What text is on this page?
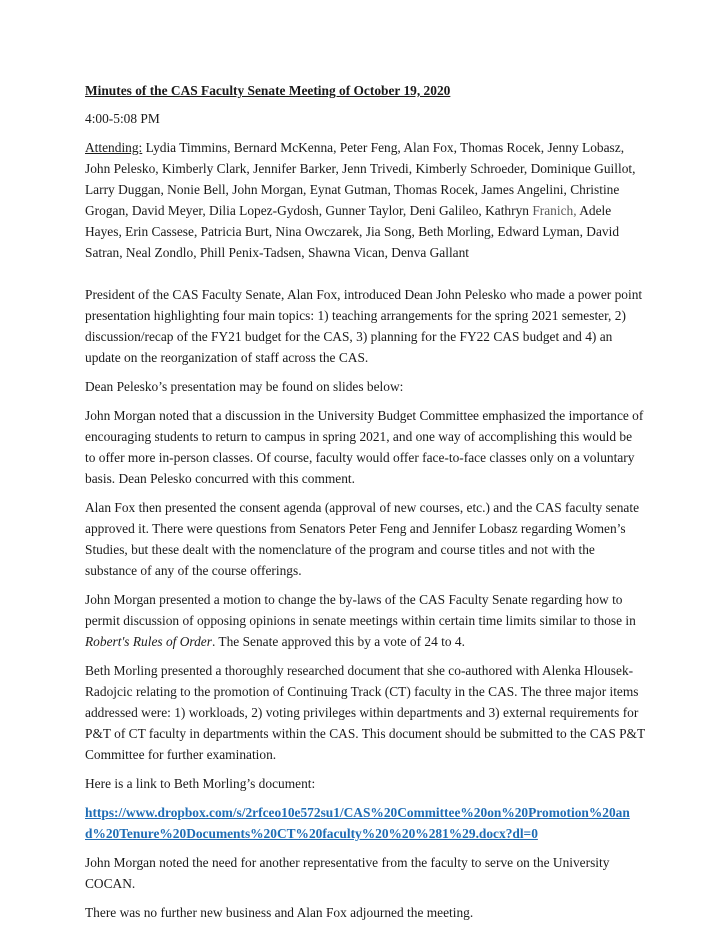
Minutes of the CAS Faculty Senate Meeting of October 19, 2020

4:00-5:08 PM

Attending: Lydia Timmins, Bernard McKenna, Peter Feng, Alan Fox, Thomas Rocek, Jenny Lobasz, John Pelesko, Kimberly Clark, Jennifer Barker, Jenn Trivedi, Kimberly Schroeder, Dominique Guillot, Larry Duggan, Nonie Bell, John Morgan, Eynat Gutman, Thomas Rocek, James Angelini, Christine Grogan, David Meyer, Dilia Lopez-Gydosh, Gunner Taylor, Deni Galileo, Kathryn Franich, Adele Hayes, Erin Cassese, Patricia Burt, Nina Owczarek, Jia Song, Beth Morling, Edward Lyman, David Satran, Neal Zondlo, Phill Penix-Tadsen, Shawna Vican, Denva Gallant

President of the CAS Faculty Senate, Alan Fox, introduced Dean John Pelesko who made a power point presentation highlighting four main topics: 1) teaching arrangements for the spring 2021 semester, 2) discussion/recap of the FY21 budget for the CAS, 3) planning for the FY22 CAS budget and 4) an update on the reorganization of staff across the CAS.

Dean Pelesko’s presentation may be found on slides below:

John Morgan noted that a discussion in the University Budget Committee emphasized the importance of encouraging students to return to campus in spring 2021, and one way of accomplishing this would be to offer more in-person classes. Of course, faculty would offer face-to-face classes only on a voluntary basis. Dean Pelesko concurred with this comment.

Alan Fox then presented the consent agenda (approval of new courses, etc.) and the CAS faculty senate approved it. There were questions from Senators Peter Feng and Jennifer Lobasz regarding Women’s Studies, but these dealt with the nomenclature of the program and course titles and not with the substance of any of the course offerings.

John Morgan presented a motion to change the by-laws of the CAS Faculty Senate regarding how to permit discussion of opposing opinions in senate meetings within certain time limits similar to those in Robert's Rules of Order. The Senate approved this by a vote of 24 to 4.

Beth Morling presented a thoroughly researched document that she co-authored with Alenka Hlousek-Radojcic relating to the promotion of Continuing Track (CT) faculty in the CAS. The three major items addressed were: 1) workloads, 2) voting privileges within departments and 3) external requirements for P&T of CT faculty in departments within the CAS. This document should be submitted to the CAS P&T Committee for further examination.

Here is a link to Beth Morling’s document:

https://www.dropbox.com/s/2rfceo10e572su1/CAS%20Committee%20on%20Promotion%20and%20Tenure%20Documents%20CT%20faculty%20%20%281%29.docx?dl=0

John Morgan noted the need for another representative from the faculty to serve on the University COCAN.

There was no further new business and Alan Fox adjourned the meeting.
